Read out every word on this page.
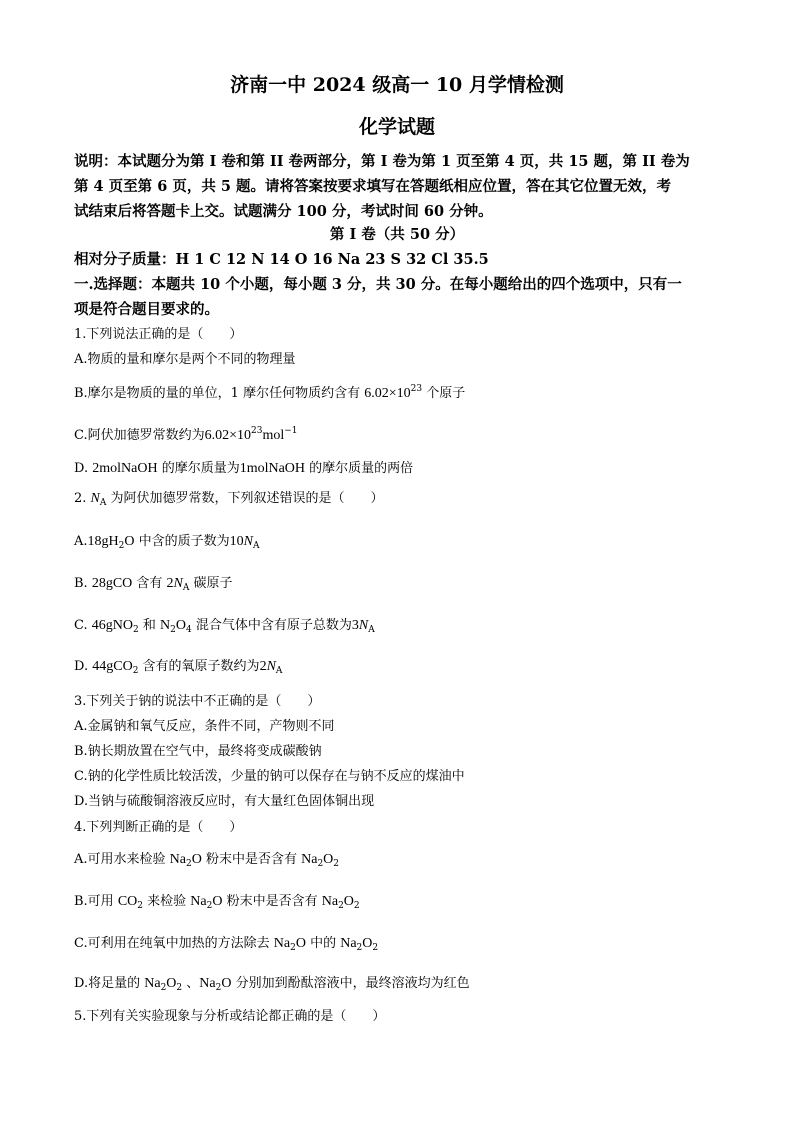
济南一中 2024 级高一 10 月学情检测
化学试题
说明：本试题分为第 I 卷和第 II 卷两部分，第 I 卷为第 1 页至第 4 页，共 15 题，第 II 卷为
第 4 页至第 6 页，共 5 题。请将答案按要求填写在答题纸相应位置，答在其它位置无效，考
试结束后将答题卡上交。试题满分 100 分，考试时间 60 分钟。
第 I 卷（共 50 分）
相对分子质量：H 1 C 12 N 14 O 16 Na 23 S 32 Cl 35.5
一.选择题：本题共 10 个小题，每小题 3 分，共 30 分。在每小题给出的四个选项中，只有一
项是符合题目要求的。
1.下列说法正确的是（　　）
A.物质的量和摩尔是两个不同的物理量
B.摩尔是物质的量的单位，1 摩尔任何物质约含有 $6.02\times 10^{23}$ 个原子
C.阿伏加德罗常数约为$6.02\times 10^{23}mol^{-1}$
D. 2molNaOH 的摩尔质量为1molNaOH 的摩尔质量的两倍
2. $N_A$ 为阿伏加德罗常数，下列叙述错误的是（　　）
$A.18gH_2O$ 中含的质子数为$10N_A$
B. 28gCO 含有 $2N_A$ 碳原子
C. 46gNO$_2$ 和 $N_2O_4$ 混合气体中含有原子总数为$3N_A$
D. 44gCO$_2$ 含有的氧原子数约为$2N_A$
3.下列关于钠的说法中不正确的是（　　）
A.金属钠和氧气反应，条件不同，产物则不同
B.钠长期放置在空气中，最终将变成碳酸钠
C.钠的化学性质比较活泼，少量的钠可以保存在与钠不反应的煤油中
D.当钠与硫酸铜溶液反应时，有大量红色固体铜出现
4.下列判断正确的是（　　）
A.可用水来检验 $Na_2O$ 粉末中是否含有 $Na_2O_2$
B.可用 $CO_2$ 来检验 $Na_2O$ 粉末中是否含有 $Na_2O_2$
C.可利用在纯氧中加热的方法除去 $Na_2O$ 中的 $Na_2O_2$
D.将足量的 $Na_2O_2$ 、$Na_2O$ 分别加到酚酞溶液中，最终溶液均为红色
5.下列有关实验现象与分析或结论都正确的是（　　）
